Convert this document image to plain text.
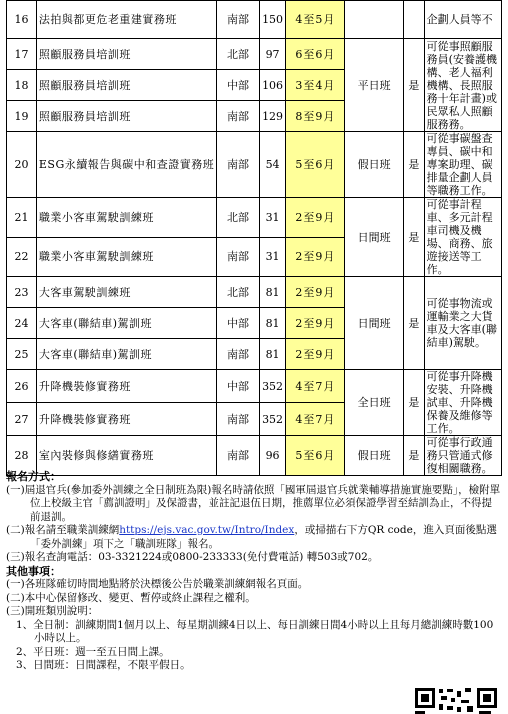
16	法拍與都更危老重建實務班	南部	150	4至5月			企劃人員等不
17	照顧服務員培訓班	北部	97	6至6月	平日班	是	可從事照顧服務員(安養護機構、老人福利機構、長照服務十年計畫)或民眾私人照顧服務務。
18	照顧服務員培訓班	中部	106	3至4月			
19	照顧服務員培訓班	南部	129	8至9月			
20	ESG永續報告與碳中和查證實務班	南部	54	5至6月	假日班	是	可從事碳盤查專員、碳中和專案助理、碳排量企劃人員等職務工作。
21	職業小客車駕駛訓練班	北部	31	2至9月	日間班	是	可從事計程車、多元計程車司機及機場、商務、旅遊接送等工作。
22	職業小客車駕駛訓練班	南部	31	2至9月			
23	大客車駕駛訓練班	北部	81	2至9月	日間班	是	可從事物流或運輸業之大貨車及大客車(聯結車)駕駛。
24	大客車(聯結車)駕訓班	中部	81	2至9月			
25	大客車(聯結車)駕訓班	南部	81	2至9月			
26	升降機裝修實務班	中部	352	4至7月	全日班	是	可從事升降機安裝、升降機試車、升降機保養及維修等工作。
27	升降機裝修實務班	南部	352	4至7月			
28	室內裝修與修繕實務班	南部	96	5至6月	假日班	是	可從事行政通務只管通式修復相關職務。
報名方式：
(一)屆退官兵(參加委外訓練之全日制班為限)報名時請依照「國軍屆退官兵就業輔導措施實施要點」，檢附單位上校級主官「薦訓證明」及保證書，並註記退伍日期，推薦單位必須保證學習至結訓為止，不得提前退訓。
(二)報名請至職業訓練網https://ejs.vac.gov.tw/Intro/Index，或掃描右下方QR code，進入頁面後點選「委外訓練」項下之「職訓班隊」報名。
(三)報名查詢電話：03-3321224或0800-233333(免付費電話) 轉503或702。
其他事項：
(一)各班隊確切時間地點將於決標後公告於職業訓練網報名頁面。
(二)本中心保留修改、變更、暫停或終止課程之權利。
(三)開班類別說明：
1、全日制：訓練期間1個月以上、每星期訓練4日以上、每日訓練日間4小時以上且每月總訓練時數100小時以上。
2、平日班：週一至五日間上課。
3、日間班：日間課程，不限平假日。
